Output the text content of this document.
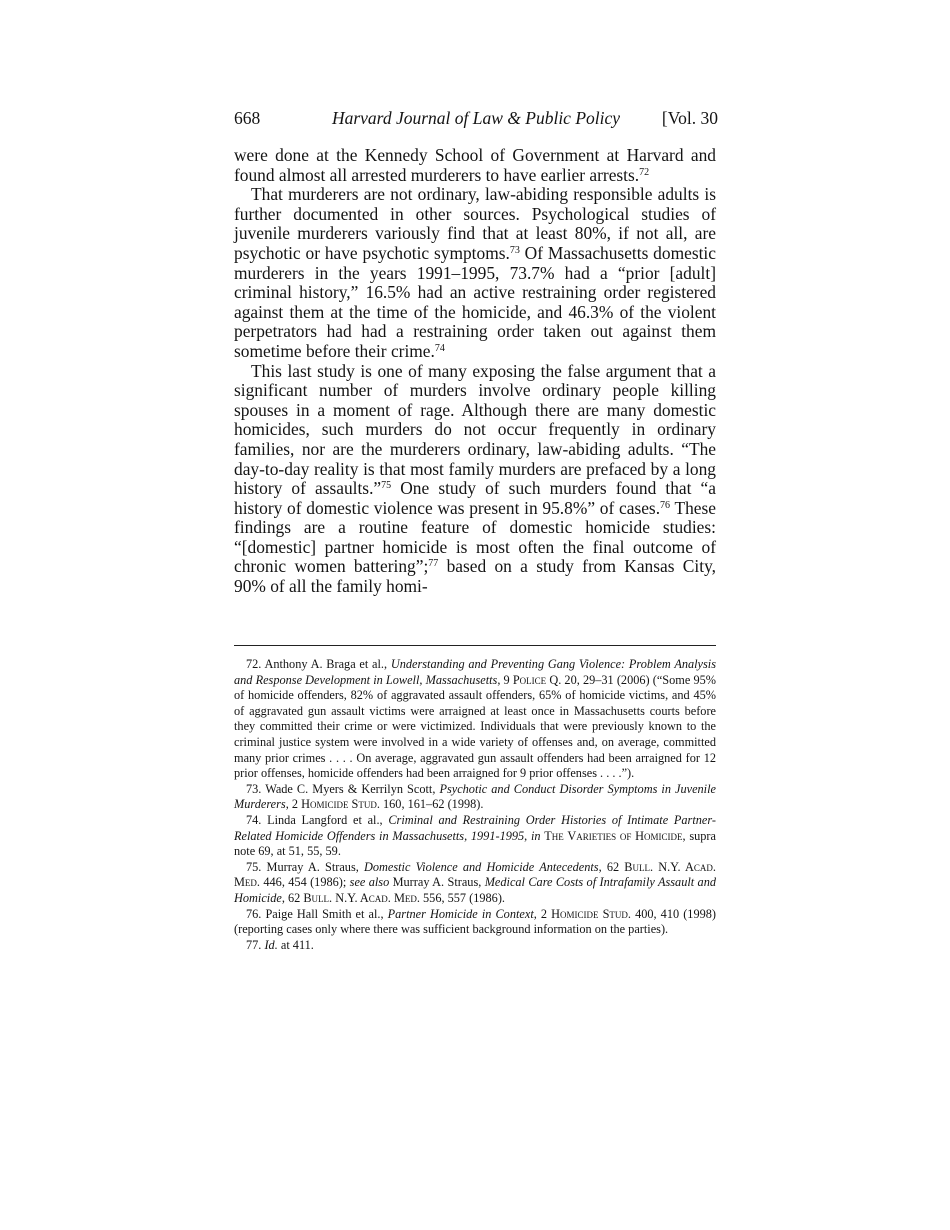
668	Harvard Journal of Law & Public Policy	[Vol. 30

were done at the Kennedy School of Government at Harvard and found almost all arrested murderers to have earlier arrests.$^{72}$

That murderers are not ordinary, law-abiding responsible adults is further documented in other sources. Psychological studies of juvenile murderers variously find that at least 80%, if not all, are psychotic or have psychotic symptoms.$^{73}$ Of Massachusetts domestic murderers in the years 1991–1995, 73.7% had a “prior [adult] criminal history,” 16.5% had an active restraining order registered against them at the time of the homicide, and 46.3% of the violent perpetrators had had a restraining order taken out against them sometime before their crime.$^{74}$

This last study is one of many exposing the false argument that a significant number of murders involve ordinary people killing spouses in a moment of rage. Although there are many domestic homicides, such murders do not occur frequently in ordinary families, nor are the murderers ordinary, law-abiding adults. “The day-to-day reality is that most family murders are prefaced by a long history of assaults.”$^{75}$ One study of such murders found that “a history of domestic violence was present in 95.8%” of cases.$^{76}$ These findings are a routine feature of domestic homicide studies: “[domestic] partner homicide is most often the final outcome of chronic women battering”;$^{77}$ based on a study from Kansas City, 90% of all the family homi-

72. Anthony A. Braga et al., Understanding and Preventing Gang Violence: Problem Analysis and Response Development in Lowell, Massachusetts, 9 Police Q. 20, 29–31 (2006) (“Some 95% of homicide offenders, 82% of aggravated assault offenders, 65% of homicide victims, and 45% of aggravated gun assault victims were arraigned at least once in Massachusetts courts before they committed their crime or were victimized. Individuals that were previously known to the criminal justice system were involved in a wide variety of offenses and, on average, committed many prior crimes . . . . On average, aggravated gun assault offenders had been arraigned for 12 prior offenses, homicide offenders had been arraigned for 9 prior offenses . . . .”).

73. Wade C. Myers & Kerrilyn Scott, Psychotic and Conduct Disorder Symptoms in Juvenile Murderers, 2 Homicide Stud. 160, 161–62 (1998).

74. Linda Langford et al., Criminal and Restraining Order Histories of Intimate Partner-Related Homicide Offenders in Massachusetts, 1991-1995, in The Varieties of Homicide, supra note 69, at 51, 55, 59.

75. Murray A. Straus, Domestic Violence and Homicide Antecedents, 62 Bull. N.Y. Acad. Med. 446, 454 (1986); see also Murray A. Straus, Medical Care Costs of Intrafamily Assault and Homicide, 62 Bull. N.Y. Acad. Med. 556, 557 (1986).

76. Paige Hall Smith et al., Partner Homicide in Context, 2 Homicide Stud. 400, 410 (1998) (reporting cases only where there was sufficient background information on the parties).

77. Id. at 411.
